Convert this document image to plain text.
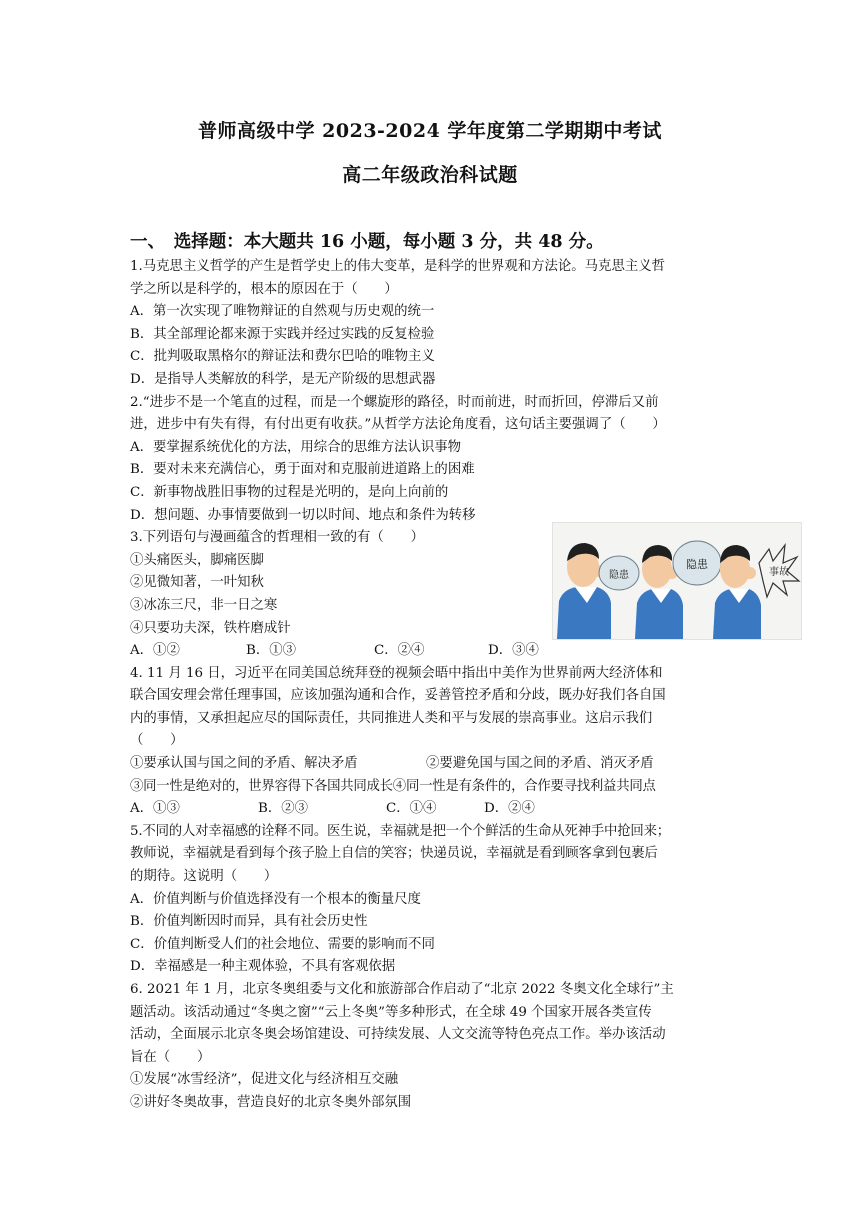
普师高级中学 2023-2024 学年度第二学期期中考试
高二年级政治科试题
一、　选择题：本大题共 16 小题，每小题 3 分，共 48 分。

1.马克思主义哲学的产生是哲学史上的伟大变革，是科学的世界观和方法论。马克思主义哲

学之所以是科学的，根本的原因在于（　　）

A．第一次实现了唯物辩证的自然观与历史观的统一

B．其全部理论都来源于实践并经过实践的反复检验

C．批判吸取黑格尔的辩证法和费尔巴哈的唯物主义

D．是指导人类解放的科学，是无产阶级的思想武器

2.“进步不是一个笔直的过程，而是一个螺旋形的路径，时而前进，时而折回，停滞后又前

进，进步中有失有得，有付出更有收获。”从哲学方法论角度看，这句话主要强调了（　　）

A．要掌握系统优化的方法，用综合的思维方法认识事物

B．要对未来充满信心，勇于面对和克服前进道路上的困难

C．新事物战胜旧事物的过程是光明的，是向上向前的

D．想问题、办事情要做到一切以时间、地点和条件为转移

3.下列语句与漫画蕴含的哲理相一致的有（　　）

①头痛医头，脚痛医脚

②见微知著，一叶知秋

③冰冻三尺，非一日之寒

④只要功夫深，铁杵磨成针

A．①②	B．①③	C．②④	D．③④

4. 11 月 16 日，习近平在同美国总统拜登的视频会晤中指出中美作为世界前两大经济体和

联合国安理会常任理事国，应该加强沟通和合作，妥善管控矛盾和分歧，既办好我们各自国

内的事情，又承担起应尽的国际责任，共同推进人类和平与发展的崇高事业。这启示我们

（　　）

①要承认国与国之间的矛盾、解决矛盾	②要避免国与国之间的矛盾、消灭矛盾

③同一性是绝对的，世界容得下各国共同成长④同一性是有条件的，合作要寻找利益共同点

A．①③	B．②③	C．①④	D．②④

5.不同的人对幸福感的诠释不同。医生说，幸福就是把一个个鲜活的生命从死神手中抢回来；

教师说，幸福就是看到每个孩子脸上自信的笑容；快递员说，幸福就是看到顾客拿到包裹后

的期待。这说明（　　）

A．价值判断与价值选择没有一个根本的衡量尺度

B．价值判断因时而异，具有社会历史性

C．价值判断受人们的社会地位、需要的影响而不同

D．幸福感是一种主观体验，不具有客观依据

6. 2021 年 1 月，北京冬奥组委与文化和旅游部合作启动了“北京 2022 冬奥文化全球行”主

题活动。该活动通过“冬奥之窗”“云上冬奥”等多种形式，在全球 49 个国家开展各类宣传

活动，全面展示北京冬奥会场馆建设、可持续发展、人文交流等特色亮点工作。举办该活动

旨在（　　）

①发展“冰雪经济”，促进文化与经济相互交融

②讲好冬奥故事，营造良好的北京冬奥外部氛围

隐患
隐患
事故
